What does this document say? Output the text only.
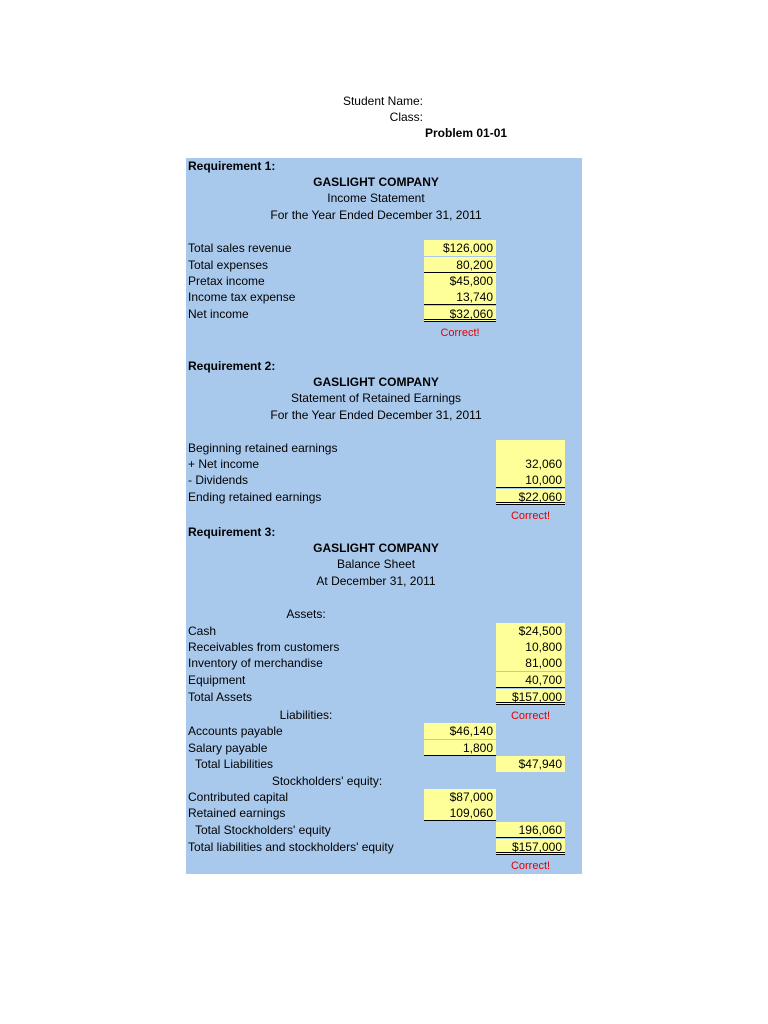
Student Name:
Class:
Problem 01-01
Requirement 1:
GASLIGHT COMPANY
Income Statement
For the Year Ended December 31, 2011
Total sales revenue
Total expenses
Pretax income
Income tax expense
Net income
$126,000
80,200
$45,800
13,740
$32,060
Correct!
Requirement 2:
GASLIGHT COMPANY
Statement of Retained Earnings
For the Year Ended December 31, 2011
Beginning retained earnings
+ Net income
- Dividends
Ending retained earnings
32,060
10,000
$22,060
Correct!
Requirement 3:
GASLIGHT COMPANY
Balance Sheet
At December 31, 2011
Assets:
Cash
Receivables from customers
Inventory of merchandise
Equipment
Total Assets
$24,500
10,800
81,000
40,700
$157,000
Correct!
Liabilities:
Accounts payable
Salary payable
Total Liabilities
$46,140
1,800
$47,940
Stockholders' equity:
Contributed capital
Retained earnings
Total Stockholders' equity
Total liabilities and stockholders' equity
$87,000
109,060
196,060
$157,000
Correct!
